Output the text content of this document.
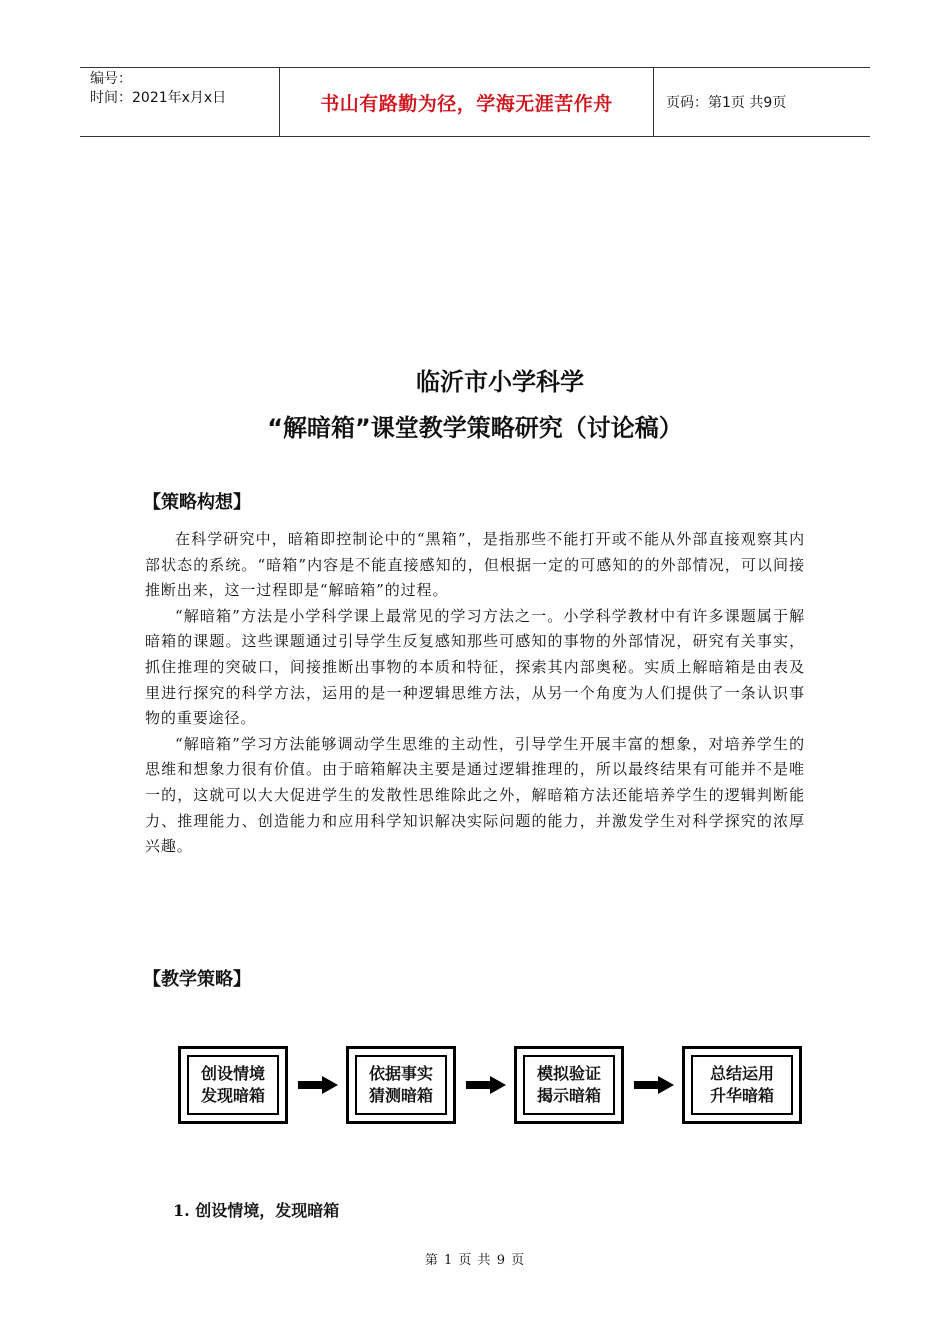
编号：
时间：2021年x月x日	书山有路勤为径，学海无涯苦作舟	页码：第1页 共9页
临沂市小学科学
“解暗箱”课堂教学策略研究（讨论稿）
【策略构想】

在科学研究中，暗箱即控制论中的“黑箱”，是指那些不能打开或不能从外部直接观察其内部状态的系统。“暗箱”内容是不能直接感知的，但根据一定的可感知的的外部情况，可以间接推断出来，这一过程即是“解暗箱”的过程。

“解暗箱”方法是小学科学课上最常见的学习方法之一。小学科学教材中有许多课题属于解暗箱的课题。这些课题通过引导学生反复感知那些可感知的事物的外部情况，研究有关事实，抓住推理的突破口，间接推断出事物的本质和特征，探索其内部奥秘。实质上解暗箱是由表及里进行探究的科学方法，运用的是一种逻辑思维方法，从另一个角度为人们提供了一条认识事物的重要途径。

“解暗箱”学习方法能够调动学生思维的主动性，引导学生开展丰富的想象，对培养学生的思维和想象力很有价值。由于暗箱解决主要是通过逻辑推理的，所以最终结果有可能并不是唯一的，这就可以大大促进学生的发散性思维除此之外，解暗箱方法还能培养学生的逻辑判断能力、推理能力、创造能力和应用科学知识解决实际问题的能力，并激发学生对科学探究的浓厚兴趣。

【教学策略】
创设情境
发现暗箱
依据事实
猜测暗箱
模拟验证
揭示暗箱
总结运用
升华暗箱
1. 创设情境，发现暗箱
第 1 页 共 9 页
